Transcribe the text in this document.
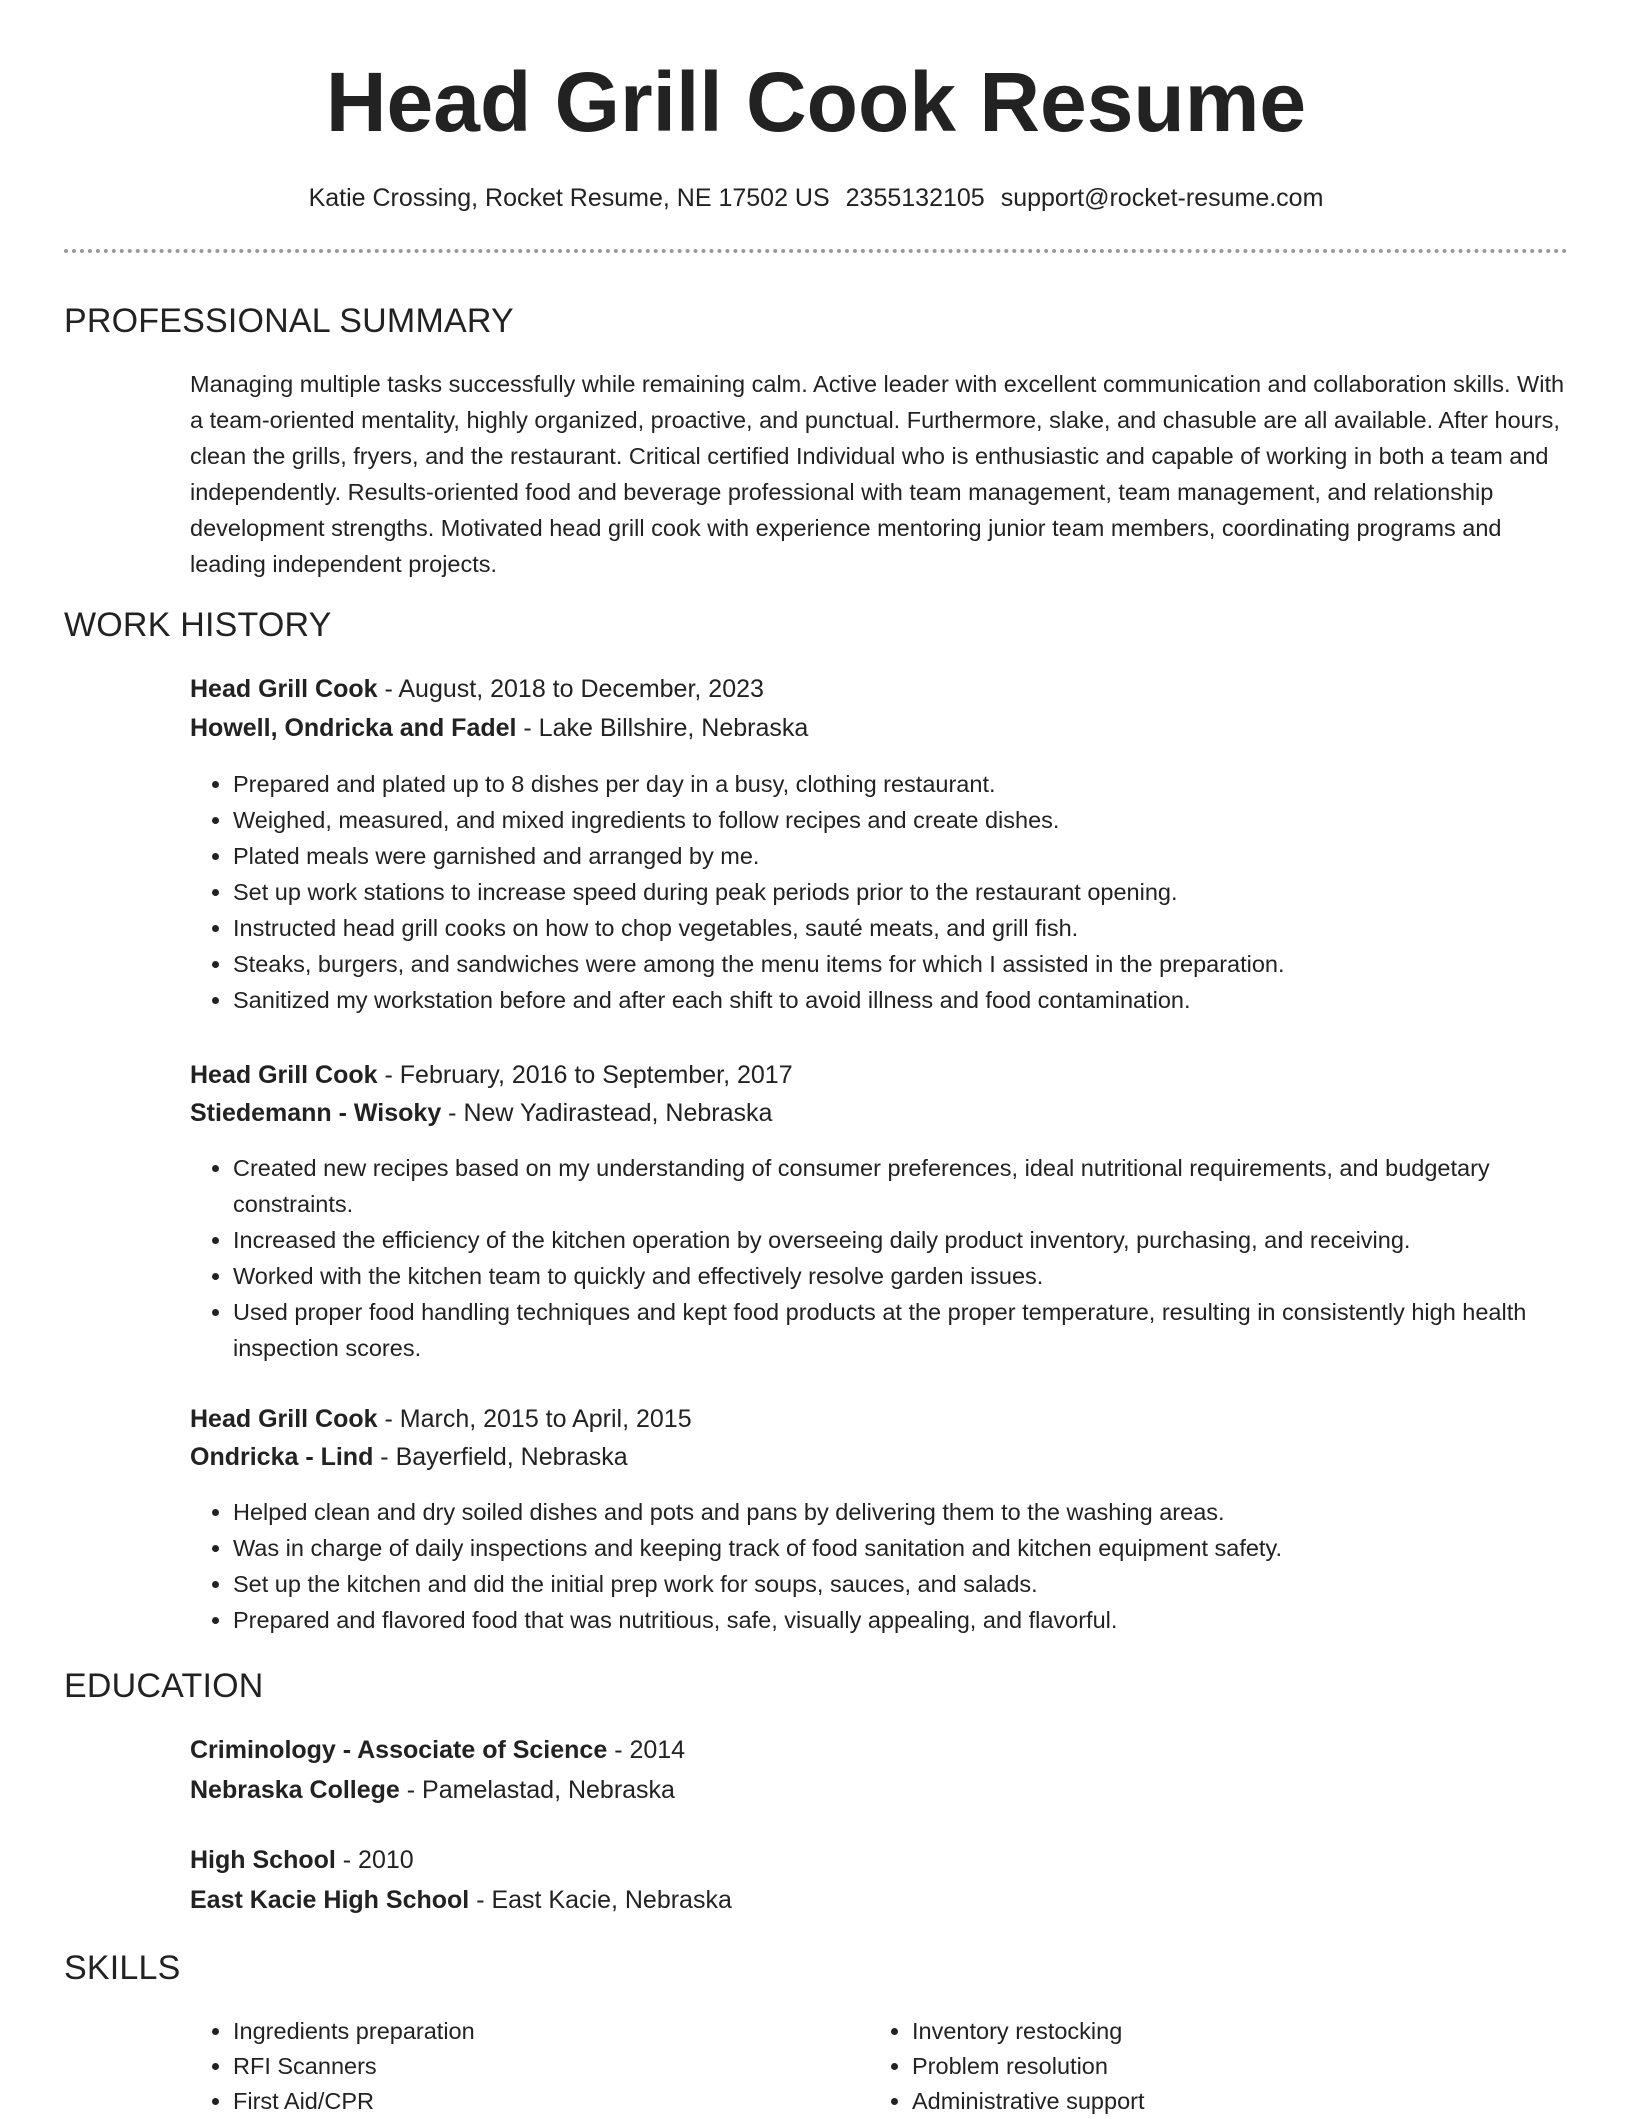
Head Grill Cook Resume
Katie Crossing, Rocket Resume, NE 17502 US 2355132105 support@rocket-resume.com
PROFESSIONAL SUMMARY
Managing multiple tasks successfully while remaining calm. Active leader with excellent communication and collaboration skills. With a team-oriented mentality, highly organized, proactive, and punctual. Furthermore, slake, and chasuble are all available. After hours, clean the grills, fryers, and the restaurant. Critical certified Individual who is enthusiastic and capable of working in both a team and independently. Results-oriented food and beverage professional with team management, team management, and relationship development strengths. Motivated head grill cook with experience mentoring junior team members, coordinating programs and leading independent projects.
WORK HISTORY
Head Grill Cook - August, 2018 to December, 2023
Howell, Ondricka and Fadel - Lake Billshire, Nebraska
• Prepared and plated up to 8 dishes per day in a busy, clothing restaurant.
• Weighed, measured, and mixed ingredients to follow recipes and create dishes.
• Plated meals were garnished and arranged by me.
• Set up work stations to increase speed during peak periods prior to the restaurant opening.
• Instructed head grill cooks on how to chop vegetables, sauté meats, and grill fish.
• Steaks, burgers, and sandwiches were among the menu items for which I assisted in the preparation.
• Sanitized my workstation before and after each shift to avoid illness and food contamination.
Head Grill Cook - February, 2016 to September, 2017
Stiedemann - Wisoky - New Yadirastead, Nebraska
• Created new recipes based on my understanding of consumer preferences, ideal nutritional requirements, and budgetary constraints.
• Increased the efficiency of the kitchen operation by overseeing daily product inventory, purchasing, and receiving.
• Worked with the kitchen team to quickly and effectively resolve garden issues.
• Used proper food handling techniques and kept food products at the proper temperature, resulting in consistently high health inspection scores.
Head Grill Cook - March, 2015 to April, 2015
Ondricka - Lind - Bayerfield, Nebraska
• Helped clean and dry soiled dishes and pots and pans by delivering them to the washing areas.
• Was in charge of daily inspections and keeping track of food sanitation and kitchen equipment safety.
• Set up the kitchen and did the initial prep work for soups, sauces, and salads.
• Prepared and flavored food that was nutritious, safe, visually appealing, and flavorful.
EDUCATION
Criminology - Associate of Science - 2014
Nebraska College - Pamelastad, Nebraska
High School - 2010
East Kacie High School - East Kacie, Nebraska
SKILLS
• Ingredients preparation
• RFI Scanners
• First Aid/CPR
• Inventory restocking
• Problem resolution
• Administrative support
